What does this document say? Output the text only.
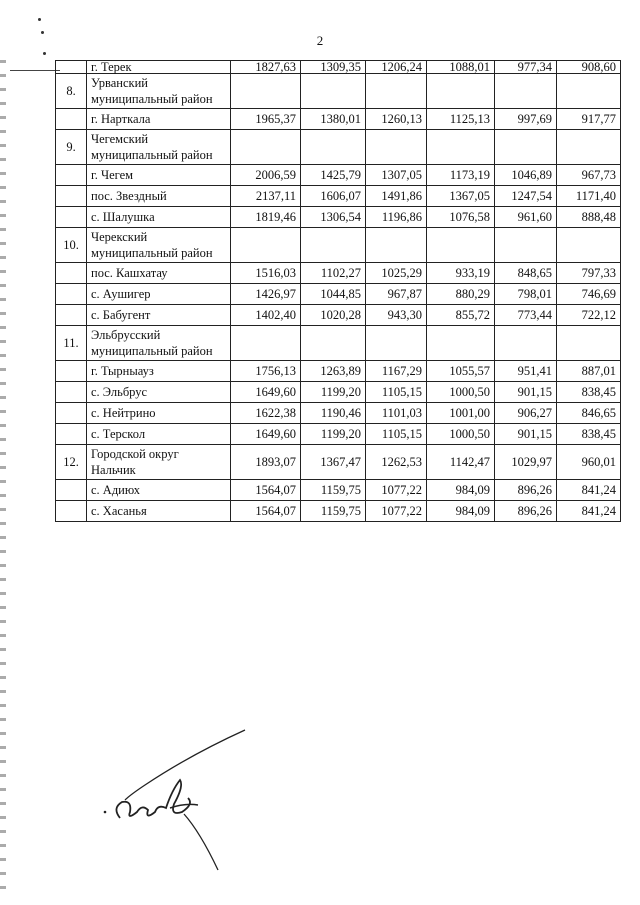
2
	г. Терек	1827,63	1309,35	1206,24	1088,01	977,34	908,60
8.	Урванский муниципальный район						
	г. Нарткала	1965,37	1380,01	1260,13	1125,13	997,69	917,77
9.	Чегемский муниципальный район						
	г. Чегем	2006,59	1425,79	1307,05	1173,19	1046,89	967,73
	пос. Звездный	2137,11	1606,07	1491,86	1367,05	1247,54	1171,40
	с. Шалушка	1819,46	1306,54	1196,86	1076,58	961,60	888,48
10.	Черекский муниципальный район						
	пос. Кашхатау	1516,03	1102,27	1025,29	933,19	848,65	797,33
	с. Аушигер	1426,97	1044,85	967,87	880,29	798,01	746,69
	с. Бабугент	1402,40	1020,28	943,30	855,72	773,44	722,12
11.	Эльбрусский муниципальный район						
	г. Тырныауз	1756,13	1263,89	1167,29	1055,57	951,41	887,01
	с. Эльбрус	1649,60	1199,20	1105,15	1000,50	901,15	838,45
	с. Нейтрино	1622,38	1190,46	1101,03	1001,00	906,27	846,65
	с. Терскол	1649,60	1199,20	1105,15	1000,50	901,15	838,45
12.	Городской округ Нальчик	1893,07	1367,47	1262,53	1142,47	1029,97	960,01
	с. Адиюх	1564,07	1159,75	1077,22	984,09	896,26	841,24
	с. Хасанья	1564,07	1159,75	1077,22	984,09	896,26	841,24
